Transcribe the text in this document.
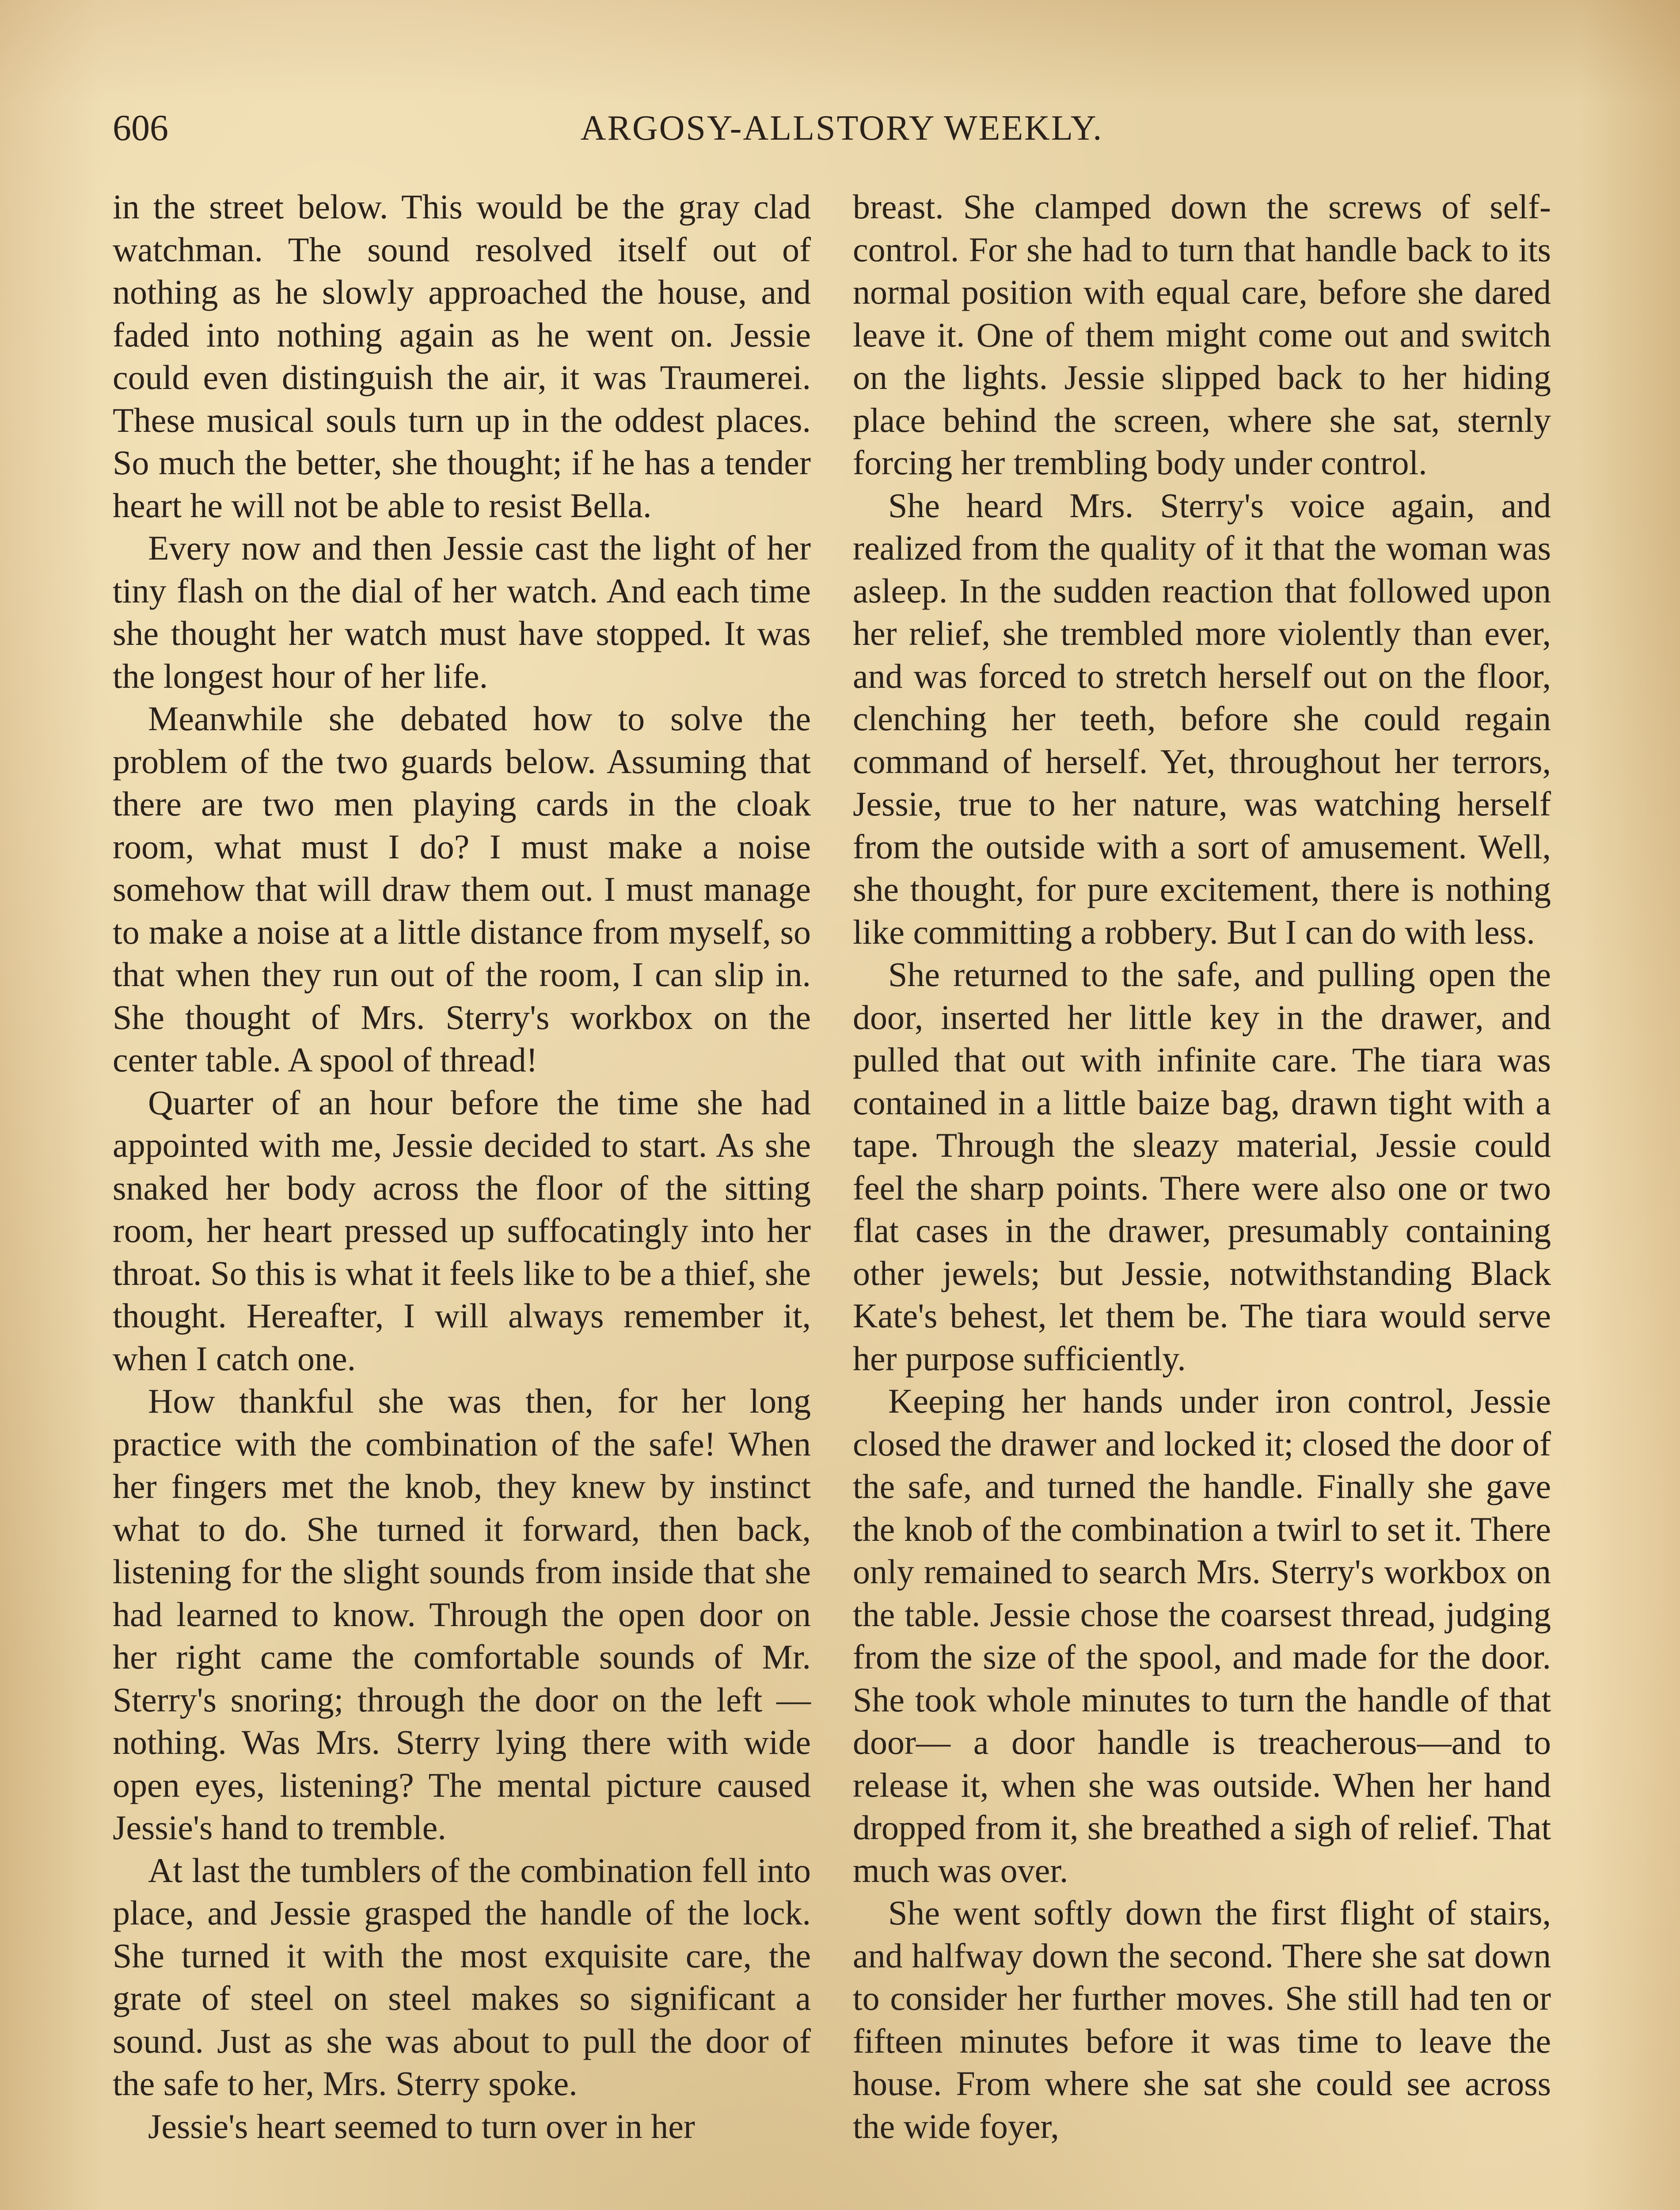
606	ARGOSY-ALLSTORY WEEKLY.

in the street below. This would be the gray clad watchman. The sound resolved itself out of nothing as he slowly approached the house, and faded into nothing again as he went on. Jessie could even distinguish the air, it was Traumerei. These musical souls turn up in the oddest places. So much the better, she thought; if he has a tender heart he will not be able to resist Bella.

Every now and then Jessie cast the light of her tiny flash on the dial of her watch. And each time she thought her watch must have stopped. It was the longest hour of her life.

Meanwhile she debated how to solve the problem of the two guards below. Assuming that there are two men playing cards in the cloak room, what must I do? I must make a noise somehow that will draw them out. I must manage to make a noise at a little distance from myself, so that when they run out of the room, I can slip in. She thought of Mrs. Sterry's workbox on the center table. A spool of thread!

Quarter of an hour before the time she had appointed with me, Jessie decided to start. As she snaked her body across the floor of the sitting room, her heart pressed up suffocatingly into her throat. So this is what it feels like to be a thief, she thought. Hereafter, I will always remember it, when I catch one.

How thankful she was then, for her long practice with the combination of the safe! When her fingers met the knob, they knew by instinct what to do. She turned it forward, then back, listening for the slight sounds from inside that she had learned to know. Through the open door on her right came the comfortable sounds of Mr. Sterry's snoring; through the door on the left —nothing. Was Mrs. Sterry lying there with wide open eyes, listening? The mental picture caused Jessie's hand to tremble.

At last the tumblers of the combination fell into place, and Jessie grasped the handle of the lock. She turned it with the most exquisite care, the grate of steel on steel makes so significant a sound. Just as she was about to pull the door of the safe to her, Mrs. Sterry spoke.

Jessie's heart seemed to turn over in her

breast. She clamped down the screws of self-control. For she had to turn that handle back to its normal position with equal care, before she dared leave it. One of them might come out and switch on the lights. Jessie slipped back to her hiding place behind the screen, where she sat, sternly forcing her trembling body under control.

She heard Mrs. Sterry's voice again, and realized from the quality of it that the woman was asleep. In the sudden reaction that followed upon her relief, she trembled more violently than ever, and was forced to stretch herself out on the floor, clenching her teeth, before she could regain command of herself. Yet, throughout her terrors, Jessie, true to her nature, was watching herself from the outside with a sort of amusement. Well, she thought, for pure excitement, there is nothing like committing a robbery. But I can do with less.

She returned to the safe, and pulling open the door, inserted her little key in the drawer, and pulled that out with infinite care. The tiara was contained in a little baize bag, drawn tight with a tape. Through the sleazy material, Jessie could feel the sharp points. There were also one or two flat cases in the drawer, presumably containing other jewels; but Jessie, notwithstanding Black Kate's behest, let them be. The tiara would serve her purpose sufficiently.

Keeping her hands under iron control, Jessie closed the drawer and locked it; closed the door of the safe, and turned the handle. Finally she gave the knob of the combination a twirl to set it. There only remained to search Mrs. Sterry's workbox on the table. Jessie chose the coarsest thread, judging from the size of the spool, and made for the door. She took whole minutes to turn the handle of that door— a door handle is treacherous—and to release it, when she was outside. When her hand dropped from it, she breathed a sigh of relief. That much was over.

She went softly down the first flight of stairs, and halfway down the second. There she sat down to consider her further moves. She still had ten or fifteen minutes before it was time to leave the house. From where she sat she could see across the wide foyer,
